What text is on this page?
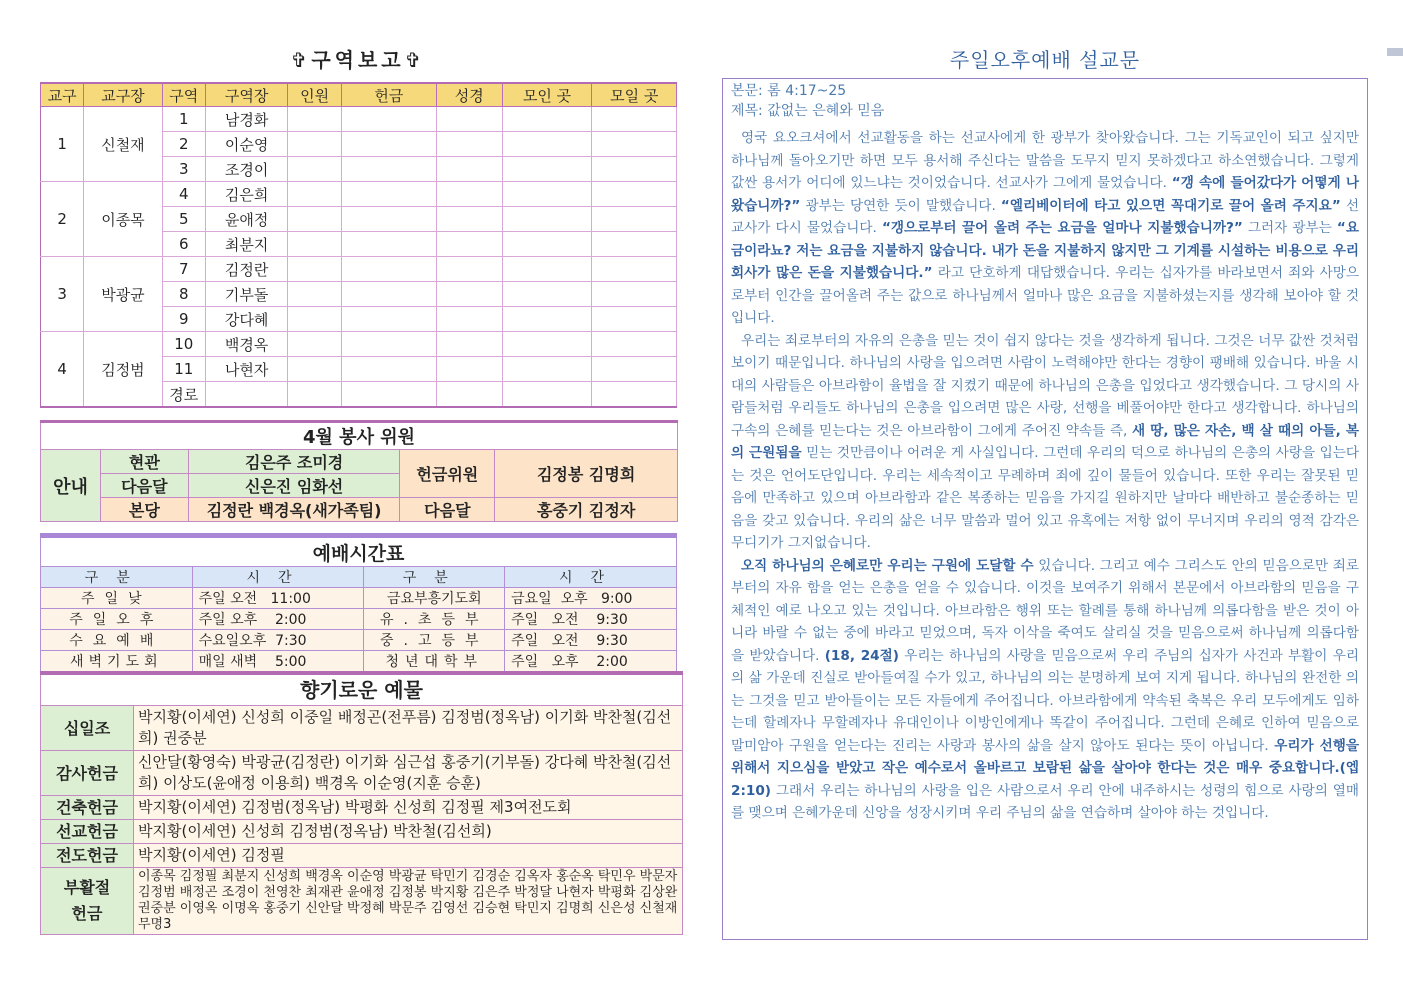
✞구역보고✞
교구	교구장	구역	구역장	인원	헌금	성경	모인 곳	모일 곳
1	신철재	1	남경화					
		2	이순영					
		3	조경이					
2	이종목	4	김은희					
		5	윤애정					
		6	최분지					
3	박광균	7	김정란					
		8	기부돌					
		9	강다혜					
4	김정범	10	백경옥					
		11	나현자					
		경로						
4월 봉사 위원				
안내	현관	김은주 조미경	헌금위원	김정봉 김명희
	다음달	신은진 임화선		
	본당	김정란 백경옥(새가족팀)	다음달	홍중기 김정자
예배시간표			
구분	시간	구분	시간
주일낮	주일 오전   11:00	금요부흥기도회	금요일  오후   9:00
주일오후	주일 오후    2:00	유.초등부	주일   오전    9:30
수요예배	수요일오후  7:30	중.고등부	주일   오전    9:30
새벽기도회	매일 새벽    5:00	청년대학부	주일   오후    2:00
향기로운 예물	
십일조	박지황(이세연) 신성희 이중일 배정곤(전푸름) 김정범(정옥남) 이기화 박찬철(김선희) 권중분
감사헌금	신안달(황영숙) 박광균(김정란) 이기화 심근섭 홍중기(기부돌) 강다혜 박찬철(김선희) 이상도(윤애정 이용희) 백경옥 이순영(지훈 승훈)
건축헌금	박지황(이세연) 김정범(정옥남) 박평화 신성희 김정필 제3여전도회
선교헌금	박지황(이세연) 신성희 김정범(정옥남) 박찬철(김선희)
전도헌금	박지황(이세연) 김정필
부활절
헌금	이종목 김정필 최분지 신성희 백경옥 이순영 박광균 탁민기 김경순 김옥자 홍순옥 탁민우 박문자 김정범 배정곤 조경이 천영찬 최재관 윤애정 김정봉 박지황 김은주 박정달 나현자 박평화 김상완 권중분 이영옥 이명옥 홍중기 신안달 박정혜 박문주 김영선 김승현 탁민지 김명희 신은성 신철재 무명3
주일오후예배 설교문
본문: 롬 4:17~25
제목: 값없는 은혜와 믿음

영국 요오크셔에서 선교활동을 하는 선교사에게 한 광부가 찾아왔습니다. 그는 기독교인이 되고 싶지만 하나님께 돌아오기만 하면 모두 용서해 주신다는 말씀을 도무지 믿지 못하겠다고 하소연했습니다. 그렇게 값싼 용서가 어디에 있느냐는 것이었습니다. 선교사가 그에게 물었습니다. “갱 속에 들어갔다가 어떻게 나왔습니까?” 광부는 당연한 듯이 말했습니다. “엘리베이터에 타고 있으면 꼭대기로 끌어 올려 주지요” 선교사가 다시 물었습니다. “갱으로부터 끌어 올려 주는 요금을 얼마나 지불했습니까?” 그러자 광부는 “요금이라뇨? 저는 요금을 지불하지 않습니다. 내가 돈을 지불하지 않지만 그 기계를 시설하는 비용으로 우리 회사가 많은 돈을 지불했습니다.” 라고 단호하게 대답했습니다. 우리는 십자가를 바라보면서 죄와 사망으로부터 인간을 끌어올려 주는 값으로 하나님께서 얼마나 많은 요금을 지불하셨는지를 생각해 보아야 할 것입니다.

우리는 죄로부터의 자유의 은총을 믿는 것이 쉽지 않다는 것을 생각하게 됩니다. 그것은 너무 값싼 것처럼 보이기 때문입니다. 하나님의 사랑을 입으려면 사람이 노력해야만 한다는 경향이 팽배해 있습니다. 바울 시대의 사람들은 아브라함이 율법을 잘 지켰기 때문에 하나님의 은총을 입었다고 생각했습니다. 그 당시의 사람들처럼 우리들도 하나님의 은총을 입으려면 많은 사랑, 선행을 베풀어야만 한다고 생각합니다. 하나님의 구속의 은혜를 믿는다는 것은 아브라함이 그에게 주어진 약속들 즉, 새 땅, 많은 자손, 백 살 때의 아들, 복의 근원됨을 믿는 것만큼이나 어려운 게 사실입니다. 그런데 우리의 덕으로 하나님의 은총의 사랑을 입는다는 것은 언어도단입니다. 우리는 세속적이고 무례하며 죄에 깊이 물들어 있습니다. 또한 우리는 잘못된 믿음에 만족하고 있으며 아브라함과 같은 복종하는 믿음을 가지길 원하지만 날마다 배반하고 불순종하는 믿음을 갖고 있습니다. 우리의 삶은 너무 말씀과 멀어 있고 유혹에는 저항 없이 무너지며 우리의 영적 감각은 무디기가 그지없습니다.

오직 하나님의 은혜로만 우리는 구원에 도달할 수 있습니다. 그리고 예수 그리스도 안의 믿음으로만 죄로부터의 자유 함을 얻는 은총을 얻을 수 있습니다. 이것을 보여주기 위해서 본문에서 아브라함의 믿음을 구체적인 예로 나오고 있는 것입니다. 아브라함은 행위 또는 할례를 통해 하나님께 의롭다함을 받은 것이 아니라 바랄 수 없는 중에 바라고 믿었으며, 독자 이삭을 죽여도 살리실 것을 믿음으로써 하나님께 의롭다함을 받았습니다. (18, 24절) 우리는 하나님의 사랑을 믿음으로써 우리 주님의 십자가 사건과 부활이 우리의 삶 가운데 진실로 받아들여질 수가 있고, 하나님의 의는 분명하게 보여 지게 됩니다. 하나님의 완전한 의는 그것을 믿고 받아들이는 모든 자들에게 주어집니다. 아브라함에게 약속된 축복은 우리 모두에게도 임하는데 할례자나 무할례자나 유대인이나 이방인에게나 똑같이 주어집니다. 그런데 은혜로 인하여 믿음으로 말미암아 구원을 얻는다는 진리는 사랑과 봉사의 삶을 살지 않아도 된다는 뜻이 아닙니다. 우리가 선행을 위해서 지으심을 받았고 작은 예수로서 올바르고 보람된 삶을 살아야 한다는 것은 매우 중요합니다.(엡 2:10) 그래서 우리는 하나님의 사랑을 입은 사람으로서 우리 안에 내주하시는 성령의 힘으로 사랑의 열매를 맺으며 은혜가운데 신앙을 성장시키며 우리 주님의 삶을 연습하며 살아야 하는 것입니다.
